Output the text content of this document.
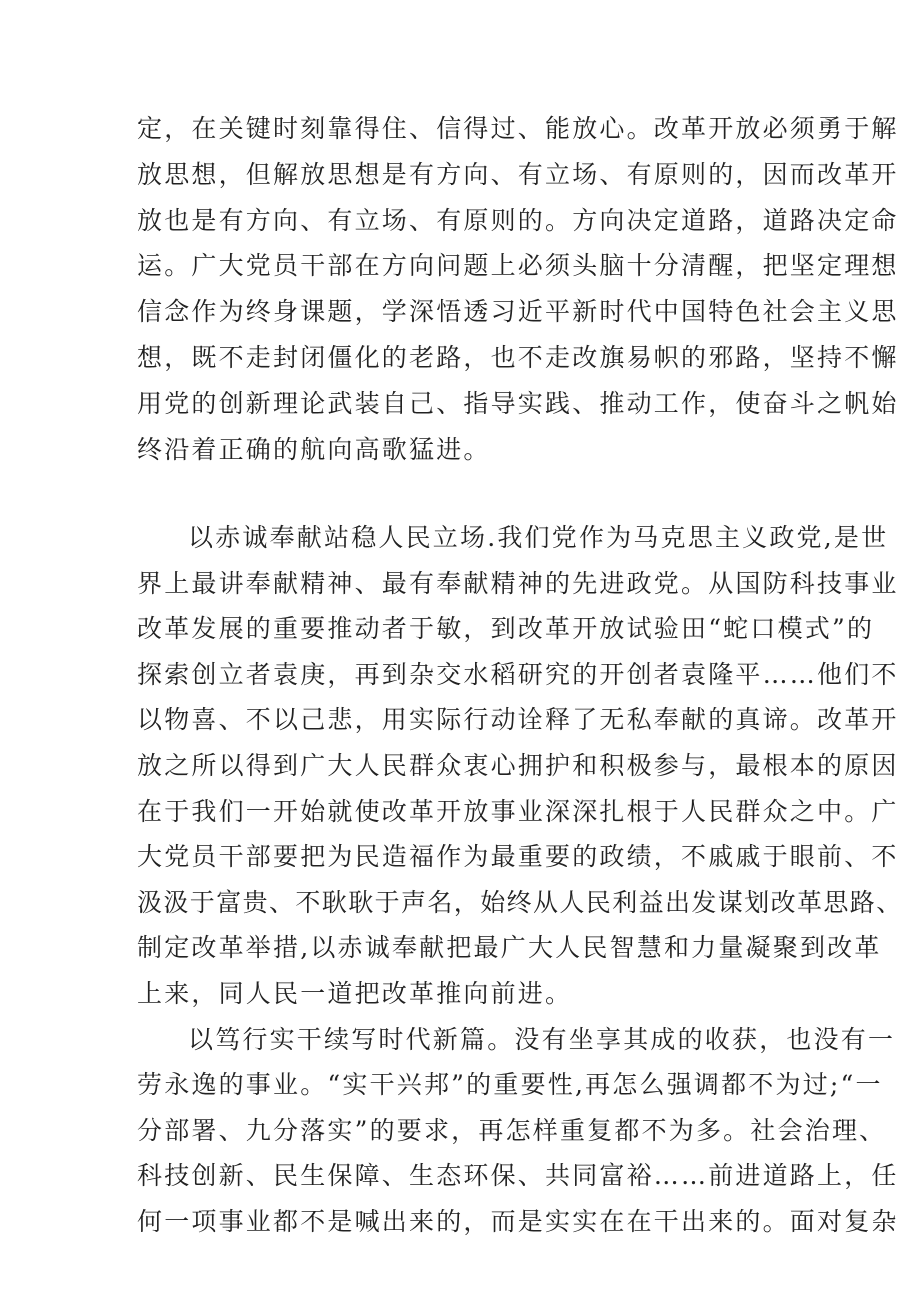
定，在关键时刻靠得住、信得过、能放心。改革开放必须勇于解
放思想，但解放思想是有方向、有立场、有原则的，因而改革开
放也是有方向、有立场、有原则的。方向决定道路，道路决定命
运。广大党员干部在方向问题上必须头脑十分清醒，把坚定理想
信念作为终身课题，学深悟透习近平新时代中国特色社会主义思
想，既不走封闭僵化的老路，也不走改旗易帜的邪路，坚持不懈
用党的创新理论武装自己、指导实践、推动工作，使奋斗之帆始
终沿着正确的航向高歌猛进。
以赤诚奉献站稳人民立场.我们党作为马克思主义政党,是世
界上最讲奉献精神、最有奉献精神的先进政党。从国防科技事业
改革发展的重要推动者于敏，到改革开放试验田“蛇口模式”的
探索创立者袁庚，再到杂交水稻研究的开创者袁隆平……他们不
以物喜、不以己悲，用实际行动诠释了无私奉献的真谛。改革开
放之所以得到广大人民群众衷心拥护和积极参与，最根本的原因
在于我们一开始就使改革开放事业深深扎根于人民群众之中。广
大党员干部要把为民造福作为最重要的政绩，不戚戚于眼前、不
汲汲于富贵、不耿耿于声名，始终从人民利益出发谋划改革思路、
制定改革举措,以赤诚奉献把最广大人民智慧和力量凝聚到改革
上来，同人民一道把改革推向前进。
以笃行实干续写时代新篇。没有坐享其成的收获，也没有一
劳永逸的事业。“实干兴邦”的重要性,再怎么强调都不为过;“一
分部署、九分落实”的要求，再怎样重复都不为多。社会治理、
科技创新、民生保障、生态环保、共同富裕……前进道路上，任
何一项事业都不是喊出来的，而是实实在在干出来的。面对复杂
